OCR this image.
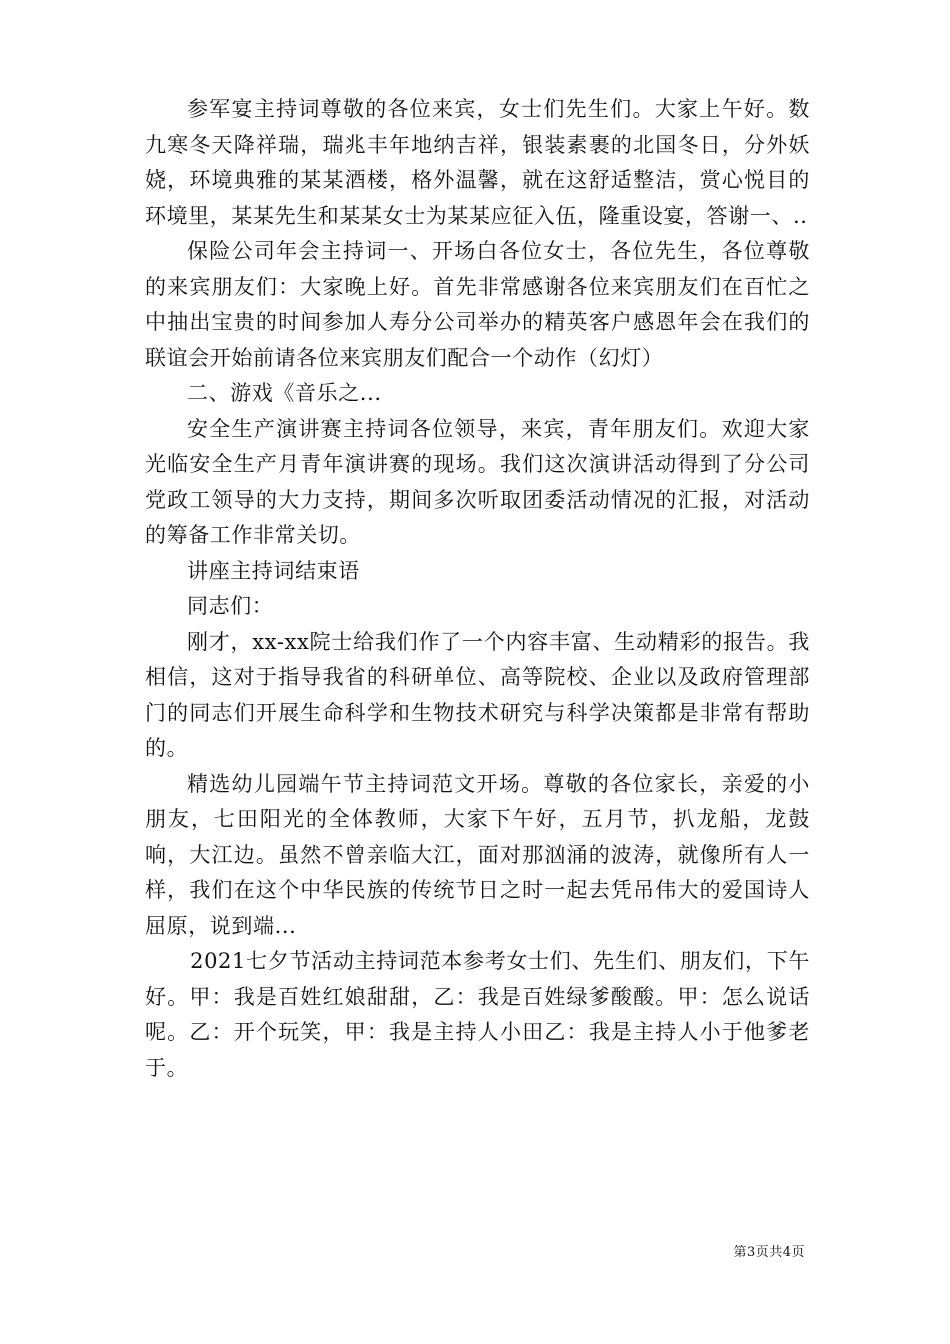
参军宴主持词尊敬的各位来宾，女士们先生们。大家上午好。数九寒冬天降祥瑞，瑞兆丰年地纳吉祥，银装素裹的北国冬日，分外妖娆，环境典雅的某某酒楼，格外温馨，就在这舒适整洁，赏心悦目的环境里，某某先生和某某女士为某某应征入伍，隆重设宴，答谢一、..

保险公司年会主持词一、开场白各位女士，各位先生，各位尊敬的来宾朋友们：大家晚上好。首先非常感谢各位来宾朋友们在百忙之中抽出宝贵的时间参加人寿分公司举办的精英客户感恩年会在我们的联谊会开始前请各位来宾朋友们配合一个动作（幻灯）

二、游戏《音乐之...

安全生产演讲赛主持词各位领导，来宾，青年朋友们。欢迎大家光临安全生产月青年演讲赛的现场。我们这次演讲活动得到了分公司党政工领导的大力支持，期间多次听取团委活动情况的汇报，对活动的筹备工作非常关切。

讲座主持词结束语

同志们：

刚才，xx-xx院士给我们作了一个内容丰富、生动精彩的报告。我相信，这对于指导我省的科研单位、高等院校、企业以及政府管理部门的同志们开展生命科学和生物技术研究与科学决策都是非常有帮助的。

精选幼儿园端午节主持词范文开场。尊敬的各位家长，亲爱的小朋友，七田阳光的全体教师，大家下午好，五月节，扒龙船，龙鼓响，大江边。虽然不曾亲临大江，面对那汹涌的波涛，就像所有人一样，我们在这个中华民族的传统节日之时一起去凭吊伟大的爱国诗人屈原，说到端...

2021七夕节活动主持词范本参考女士们、先生们、朋友们，下午好。甲：我是百姓红娘甜甜，乙：我是百姓绿爹酸酸。甲：怎么说话呢。乙：开个玩笑，甲：我是主持人小田乙：我是主持人小于他爹老于。

第3页共4页
